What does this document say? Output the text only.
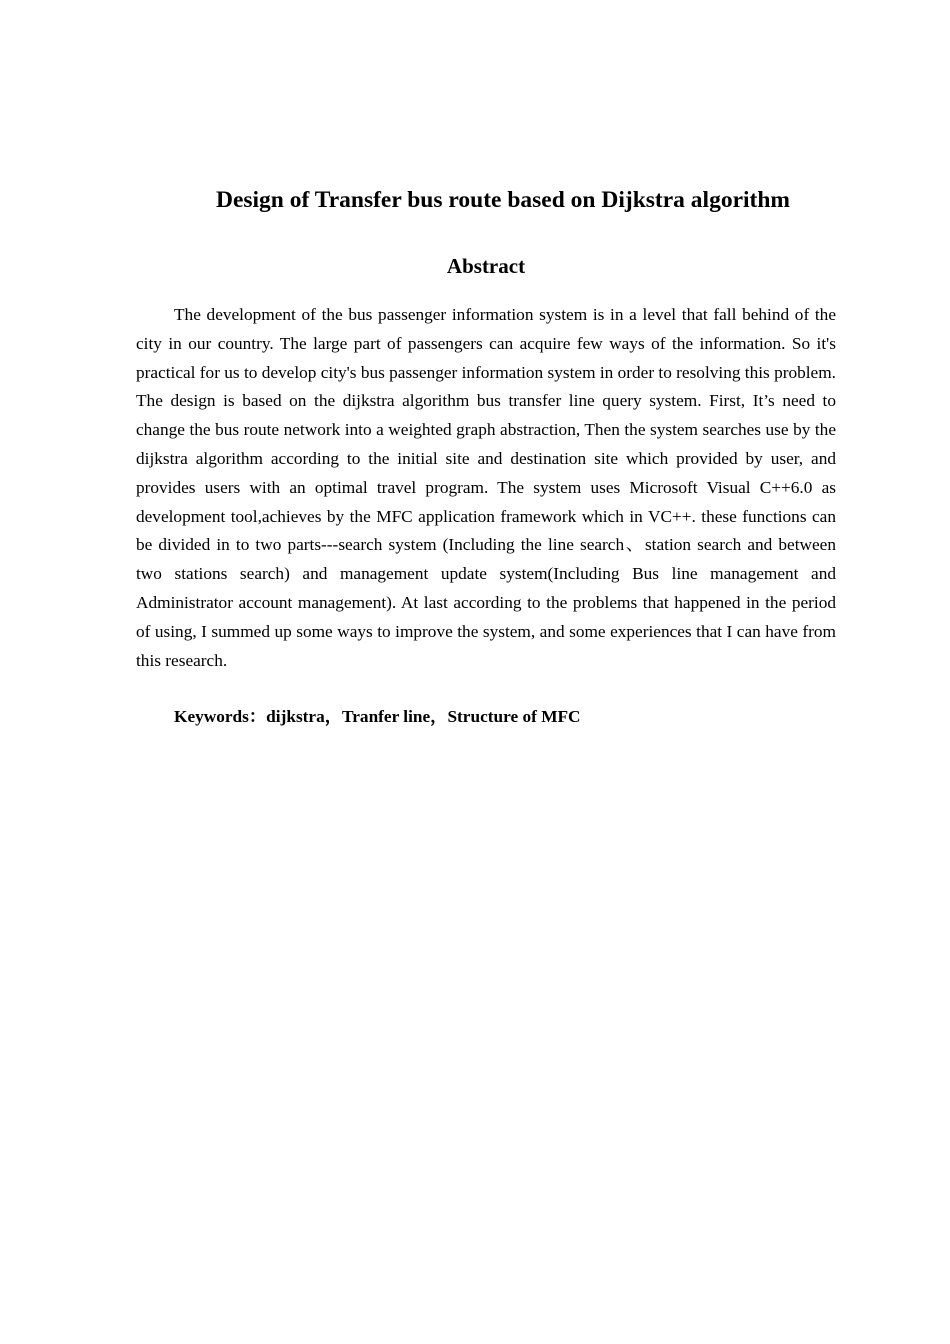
Design of Transfer bus route based on Dijkstra algorithm
Abstract

The development of the bus passenger information system is in a level that fall behind of the city in our country. The large part of passengers can acquire few ways of the information. So it's practical for us to develop city's bus passenger information system in order to resolving this problem. The design is based on the dijkstra algorithm bus transfer line query system. First, It’s need to change the bus route network into a weighted graph abstraction, Then the system searches use by the dijkstra algorithm according to the initial site and destination site which provided by user, and provides users with an optimal travel program. The system uses Microsoft Visual C++6.0 as development tool,achieves by the MFC application framework which in VC++. these functions can be divided in to two parts---search system (Including the line search、station search and between two stations search) and management update system(Including Bus line management and Administrator account management). At last according to the problems that happened in the period of using, I summed up some ways to improve the system, and some experiences that I can have from this research.

Keywords：dijkstra，Tranfer line，Structure of MFC
